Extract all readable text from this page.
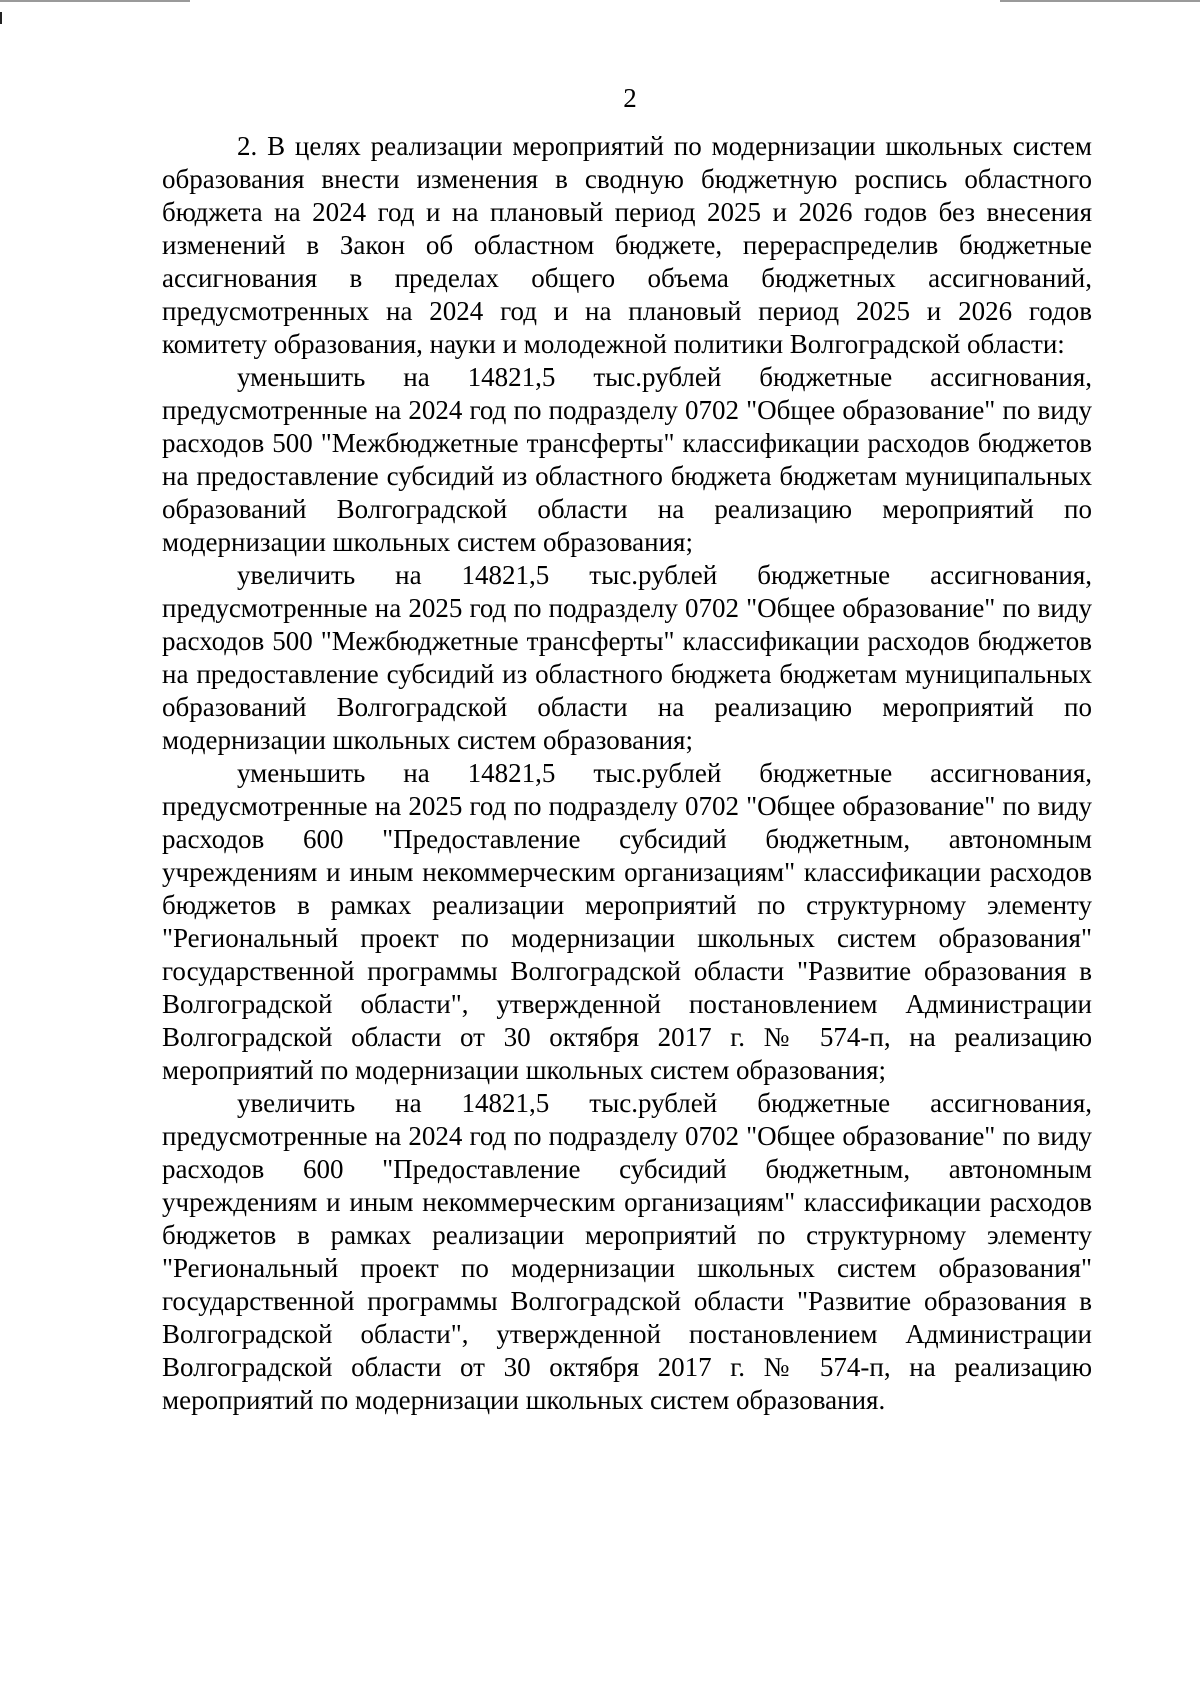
2

2. В целях реализации мероприятий по модернизации школьных систем образования внести изменения в сводную бюджетную роспись областного бюджета на 2024 год и на плановый период 2025 и 2026 годов без внесения изменений в Закон об областном бюджете, перераспределив бюджетные ассигнования в пределах общего объема бюджетных ассигнований, предусмотренных на 2024 год и на плановый период 2025 и 2026 годов комитету образования, науки и молодежной политики Волгоградской области:

уменьшить на 14821,5 тыс.рублей бюджетные ассигнования, предусмотренные на 2024 год по подразделу 0702 "Общее образование" по виду расходов 500 "Межбюджетные трансферты" классификации расходов бюджетов на предоставление субсидий из областного бюджета бюджетам муниципальных образований Волгоградской области на реализацию мероприятий по модернизации школьных систем образования;

увеличить на 14821,5 тыс.рублей бюджетные ассигнования, предусмотренные на 2025 год по подразделу 0702 "Общее образование" по виду расходов 500 "Межбюджетные трансферты" классификации расходов бюджетов на предоставление субсидий из областного бюджета бюджетам муниципальных образований Волгоградской области на реализацию мероприятий по модернизации школьных систем образования;

уменьшить на 14821,5 тыс.рублей бюджетные ассигнования, предусмотренные на 2025 год по подразделу 0702 "Общее образование" по виду расходов 600 "Предоставление субсидий бюджетным, автономным учреждениям и иным некоммерческим организациям" классификации расходов бюджетов в рамках реализации мероприятий по структурному элементу "Региональный проект по модернизации школьных систем образования" государственной программы Волгоградской области "Развитие образования в Волгоградской области", утвержденной постановлением Администрации Волгоградской области от 30 октября 2017 г. № 574-п, на реализацию мероприятий по модернизации школьных систем образования;

увеличить на 14821,5 тыс.рублей бюджетные ассигнования, предусмотренные на 2024 год по подразделу 0702 "Общее образование" по виду расходов 600 "Предоставление субсидий бюджетным, автономным учреждениям и иным некоммерческим организациям" классификации расходов бюджетов в рамках реализации мероприятий по структурному элементу "Региональный проект по модернизации школьных систем образования" государственной программы Волгоградской области "Развитие образования в Волгоградской области", утвержденной постановлением Администрации Волгоградской области от 30 октября 2017 г. № 574-п, на реализацию мероприятий по модернизации школьных систем образования.
